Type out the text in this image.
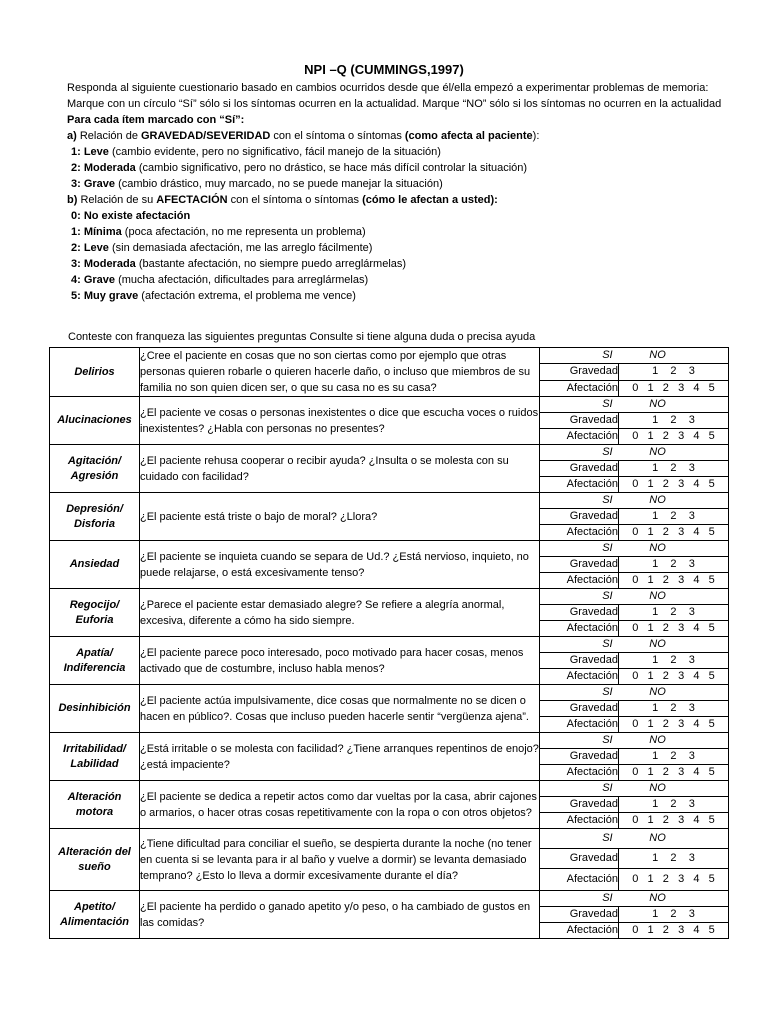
NPI –Q (CUMMINGS,1997)

Responda al siguiente cuestionario basado en cambios ocurridos desde que él/ella empezó a experimentar problemas de memoria: Marque con un círculo “Sí” sólo si los síntomas ocurren en la actualidad. Marque “NO” sólo si los síntomas no ocurren en la actualidad

Para cada ítem marcado con “Sí”:

a) Relación de GRAVEDAD/SEVERIDAD con el síntoma o síntomas (como afecta al paciente):

1: Leve (cambio evidente, pero no significativo, fácil manejo de la situación)

2: Moderada (cambio significativo, pero no drástico, se hace más difícil controlar la situación)

3: Grave (cambio drástico, muy marcado, no se puede manejar la situación)

b) Relación de su AFECTACIÓN con el síntoma o síntomas (cómo le afectan a usted):

0: No existe afectación

1: Mínima (poca afectación, no me representa un problema)

2: Leve (sin demasiada afectación, me las arreglo fácilmente)

3: Moderada (bastante afectación, no siempre puedo arreglármelas)

4: Grave (mucha afectación, dificultades para arreglármelas)

5: Muy grave (afectación extrema, el problema me vence)

Conteste con franqueza las siguientes preguntas Consulte si tiene alguna duda o precisa ayuda
Delirios	¿Cree el paciente en cosas que no son ciertas como por ejemplo que otras personas quieren robarle o quieren hacerle daño, o incluso que miembros de su familia no son quien dicen ser, o que su casa no es su casa?	SI            NO	
		Gravedad	1    2    3
		Afectación	0   1   2   3   4   5

Alucinaciones	¿El paciente ve cosas o personas inexistentes o dice que escucha voces o ruidos inexistentes? ¿Habla con personas no presentes?	SI            NO	
		Gravedad	1    2    3
		Afectación	0   1   2   3   4   5

Agitación/
Agresión	¿El paciente rehusa cooperar o recibir ayuda? ¿Insulta o se molesta con su cuidado con facilidad?	SI            NO	
		Gravedad	1    2    3
		Afectación	0   1   2   3   4   5

Depresión/
Disforia	¿El paciente está triste o bajo de moral? ¿Llora?	SI            NO	
		Gravedad	1    2    3
		Afectación	0   1   2   3   4   5

Ansiedad	¿El paciente se inquieta cuando se separa de Ud.? ¿Está nervioso, inquieto, no puede relajarse, o está excesivamente tenso?	SI            NO	
		Gravedad	1    2    3
		Afectación	0   1   2   3   4   5

Regocijo/
Euforia	¿Parece el paciente estar demasiado alegre? Se refiere a alegría anormal, excesiva, diferente a cómo ha sido siempre.	SI            NO	
		Gravedad	1    2    3
		Afectación	0   1   2   3   4   5

Apatía/
Indiferencia	¿El paciente parece poco interesado, poco motivado para hacer cosas, menos activado que de costumbre, incluso habla menos?	SI            NO	
		Gravedad	1    2    3
		Afectación	0   1   2   3   4   5

Desinhibición	¿El paciente actúa impulsivamente, dice cosas que normalmente no se dicen o hacen en público?. Cosas que incluso pueden hacerle sentir “vergüenza ajena”.	SI            NO	
		Gravedad	1    2    3
		Afectación	0   1   2   3   4   5

Irritabilidad/
Labilidad	¿Está irritable o se molesta con facilidad? ¿Tiene arranques repentinos de enojo? ¿está impaciente?	SI            NO	
		Gravedad	1    2    3
		Afectación	0   1   2   3   4   5

Alteración
motora	¿El paciente se dedica a repetir actos como dar vueltas por la casa, abrir cajones o armarios, o hacer otras cosas repetitivamente con la ropa o con otros objetos?	SI            NO	
		Gravedad	1    2    3
		Afectación	0   1   2   3   4   5

Alteración del
sueño	¿Tiene dificultad para conciliar el sueño, se despierta durante la noche (no tener en cuenta si se levanta para ir al baño y vuelve a dormir) se levanta demasiado temprano? ¿Esto lo lleva a dormir excesivamente durante el día?	SI            NO	
		Gravedad	1    2    3
		Afectación	0   1   2   3   4   5

Apetito/
Alimentación	¿El paciente ha perdido o ganado apetito y/o peso, o ha cambiado de gustos en las comidas?	SI            NO	
		Gravedad	1    2    3
		Afectación	0   1   2   3   4   5
